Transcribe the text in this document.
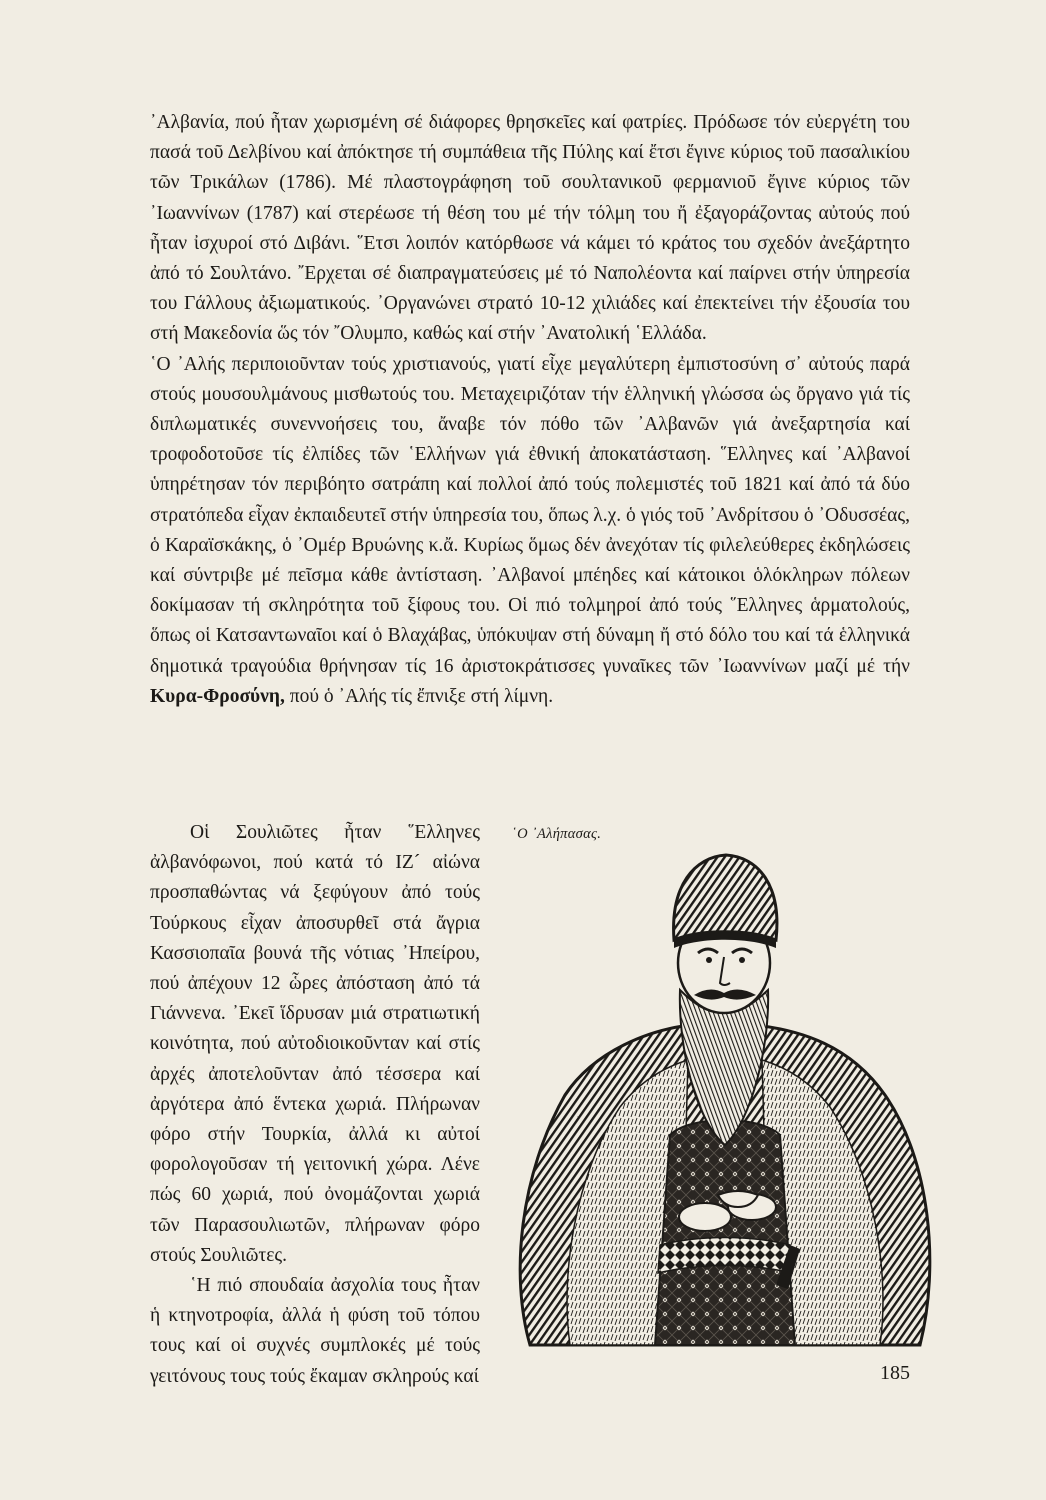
᾿Αλβανία, πού ἦταν χωρισμένη σέ διάφορες θρησκεῖες καί φατρίες. Πρόδωσε τόν εὐεργέτη του πασά τοῦ Δελβίνου καί ἀπόκτησε τή συμπάθεια τῆς Πύλης καί ἔτσι ἔγινε κύριος τοῦ πασαλικίου τῶν Τρικάλων (1786). Μέ πλαστογράφηση τοῦ σουλτανικοῦ φερμανιοῦ ἔγινε κύριος τῶν ᾿Ιωαννίνων (1787) καί στερέωσε τή θέση του μέ τήν τόλμη του ἤ ἐξαγοράζοντας αὐτούς πού ἦταν ἰσχυροί στό Διβάνι. ῞Ετσι λοιπόν κατόρθωσε νά κάμει τό κράτος του σχεδόν ἀνεξάρτητο ἀπό τό Σουλτάνο. ῎Ερχεται σέ διαπραγματεύσεις μέ τό Ναπολέοντα καί παίρνει στήν ὑπηρεσία του Γάλλους ἀξιωματικούς. ᾿Οργανώνει στρατό 10-12 χιλιάδες καί ἐπεκτείνει τήν ἐξουσία του στή Μακεδονία ὥς τόν ῎Ολυμπο, καθώς καί στήν ᾿Ανατολική ῾Ελλάδα.

῾Ο ᾿Αλής περιποιοῦνταν τούς χριστιανούς, γιατί εἶχε μεγαλύτερη ἐμπιστοσύνη σ᾿ αὐτούς παρά στούς μουσουλμάνους μισθωτούς του. Μεταχειριζόταν τήν ἑλληνική γλώσσα ὡς ὄργανο γιά τίς διπλωματικές συνεννοήσεις του, ἄναβε τόν πόθο τῶν ᾿Αλβανῶν γιά ἀνεξαρτησία καί τροφοδοτοῦσε τίς ἐλπίδες τῶν ῾Ελλήνων γιά ἐθνική ἀποκατάσταση. ῞Ελληνες καί ᾿Αλβανοί ὑπηρέτησαν τόν περιβόητο σατράπη καί πολλοί ἀπό τούς πολεμιστές τοῦ 1821 καί ἀπό τά δύο στρατόπεδα εἶχαν ἐκπαιδευτεῖ στήν ὑπηρεσία του, ὅπως λ.χ. ὁ γιός τοῦ ᾿Ανδρίτσου ὁ ᾿Οδυσσέας, ὁ Καραϊσκάκης, ὁ ᾿Ομέρ Βρυώνης κ.ἄ. Κυρίως ὅμως δέν ἀνεχόταν τίς φιλελεύθερες ἐκδηλώσεις καί σύντριβε μέ πεῖσμα κάθε ἀντίσταση. ᾿Αλβανοί μπέηδες καί κάτοικοι ὁλόκληρων πόλεων δοκίμασαν τή σκληρότητα τοῦ ξίφους του. Οἱ πιό τολμηροί ἀπό τούς ῞Ελληνες ἁρματολούς, ὅπως οἱ Κατσαντωναῖοι καί ὁ Βλαχάβας, ὑπόκυψαν στή δύναμη ἤ στό δόλο του καί τά ἑλληνικά δημοτικά τραγούδια θρήνησαν τίς 16 ἀριστοκράτισσες γυναῖκες τῶν ᾿Ιωαννίνων μαζί μέ τήν Κυρα-Φροσύνη, πού ὁ ᾿Αλής τίς ἔπνιξε στή λίμνη.

Οἱ Σουλιῶτες ἦταν ῞Ελληνες ἀλβανόφωνοι, πού κατά τό ΙΖ´ αἰώνα προσπαθώντας νά ξεφύγουν ἀπό τούς Τούρκους εἶχαν ἀποσυρθεῖ στά ἄγρια Κασσιοπαῖα βουνά τῆς νότιας ᾿Ηπείρου, πού ἀπέχουν 12 ὧρες ἀπόσταση ἀπό τά Γιάννενα. ᾿Εκεῖ ἵδρυσαν μιά στρατιωτική κοινότητα, πού αὐτοδιοικοῦνταν καί στίς ἀρχές ἀποτελοῦνταν ἀπό τέσσερα καί ἀργότερα ἀπό ἕντεκα χωριά. Πλήρωναν φόρο στήν Τουρκία, ἀλλά κι αὐτοί φορολογοῦσαν τή γειτονική χώρα. Λένε πώς 60 χωριά, πού ὀνομάζονται χωριά τῶν Παρασουλιωτῶν, πλήρωναν φόρο στούς Σουλιῶτες.

῾Η πιό σπουδαία ἀσχολία τους ἦταν ἡ κτηνοτροφία, ἀλλά ἡ φύση τοῦ τόπου τους καί οἱ συχνές συμπλοκές μέ τούς γειτόνους τους τούς ἔκαμαν σκληρούς καί

῾Ο ᾿Αλήπασας.
185
